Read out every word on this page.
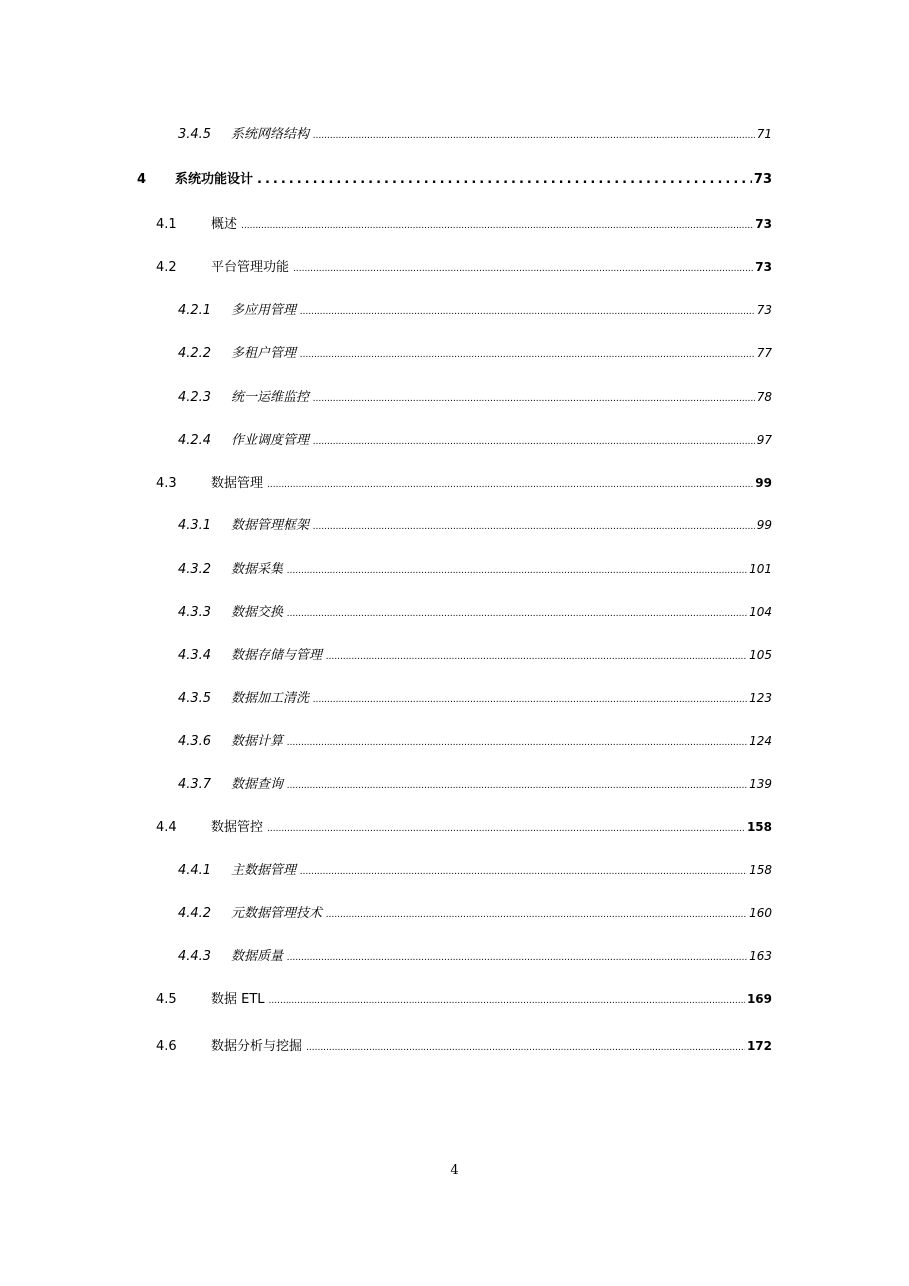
3.4.5	系统网络结构 .....	71
4	系统功能设计 .....	73
4.1	概述 .....	73
4.2	平台管理功能 .....	73
4.2.1	多应用管理 .....	73
4.2.2	多租户管理 .....	77
4.2.3	统一运维监控 .....	78
4.2.4	作业调度管理 .....	97
4.3	数据管理 .....	99
4.3.1	数据管理框架 .....	99
4.3.2	数据采集 .....	101
4.3.3	数据交换 .....	104
4.3.4	数据存储与管理 .....	105
4.3.5	数据加工清洗 .....	123
4.3.6	数据计算 .....	124
4.3.7	数据查询 .....	139
4.4	数据管控 .....	158
4.4.1	主数据管理 .....	158
4.4.2	元数据管理技术 .....	160
4.4.3	数据质量 .....	163
4.5	数据 ETL .....	169
4.6	数据分析与挖掘 .....	172
4
